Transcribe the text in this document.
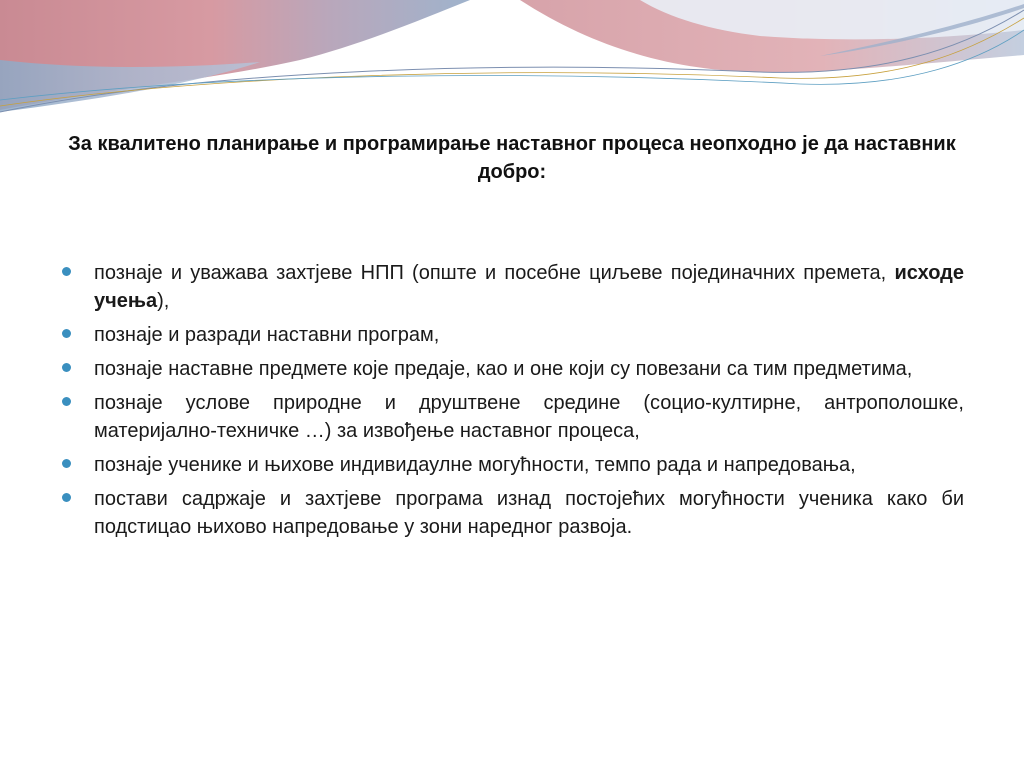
За квалитено планирање и програмирање наставног процеса неопходно је да наставник добро:
познаје и уважава захтјеве НПП (опште и посебне циљеве појединачних премета, исходе учења),
познаје и разради наставни програм,
познаје наставне предмете које предаје, као и оне који су повезани са тим предметима,
познаје услове природне и друштвене средине (социо-култиpне, антрополошке, материјално-техничке …) за извођење наставног процеса,
познаје ученике и њихове индивидаулне могућности, темпо рада и напредовања,
постави садржаје и захтјеве програма изнад постојећих могућности ученика како би подстицао њихово напредовање у зони наредног развоја.
